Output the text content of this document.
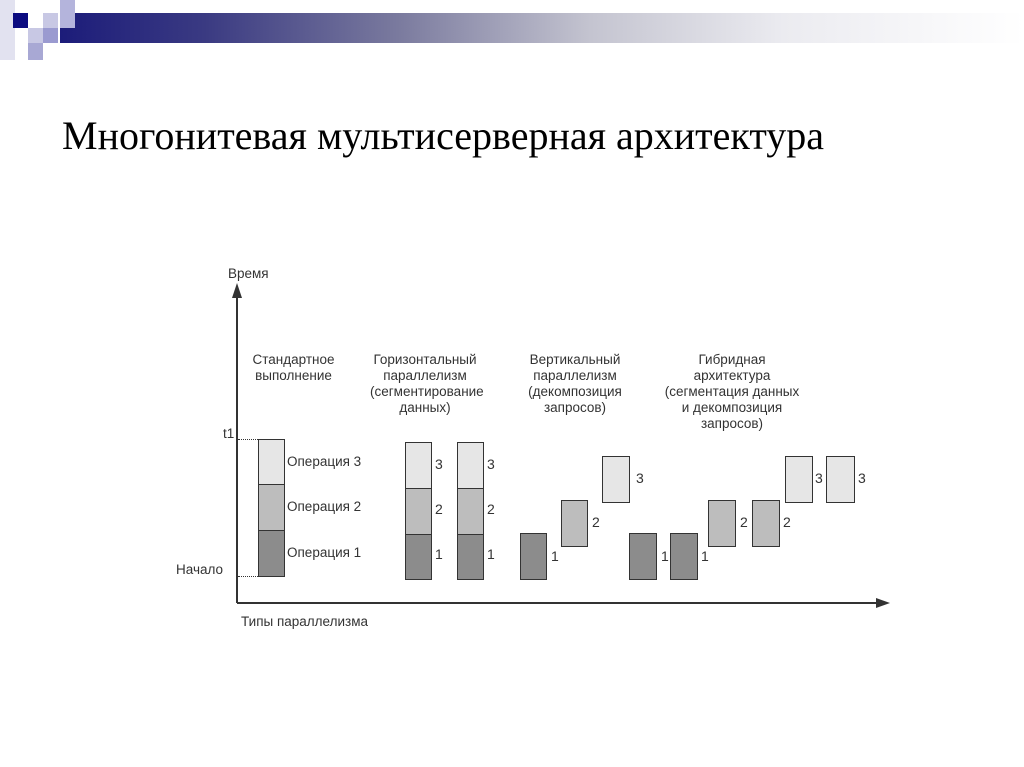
Многонитевая мультисерверная архитектура
Время
Типы параллелизма
t1
Начало
Стандартное
выполнение
Операция 3
Операция 2
Операция 1
Горизонтальный
параллелизм
(сегментирование
данных)
3
2
1
3
2
1
Вертикальный
параллелизм
(декомпозиция
запросов)
1
2
3
Гибридная
архитектура
(сегментация данных
и декомпозиция
запросов)
1 1
2	2
3	3
